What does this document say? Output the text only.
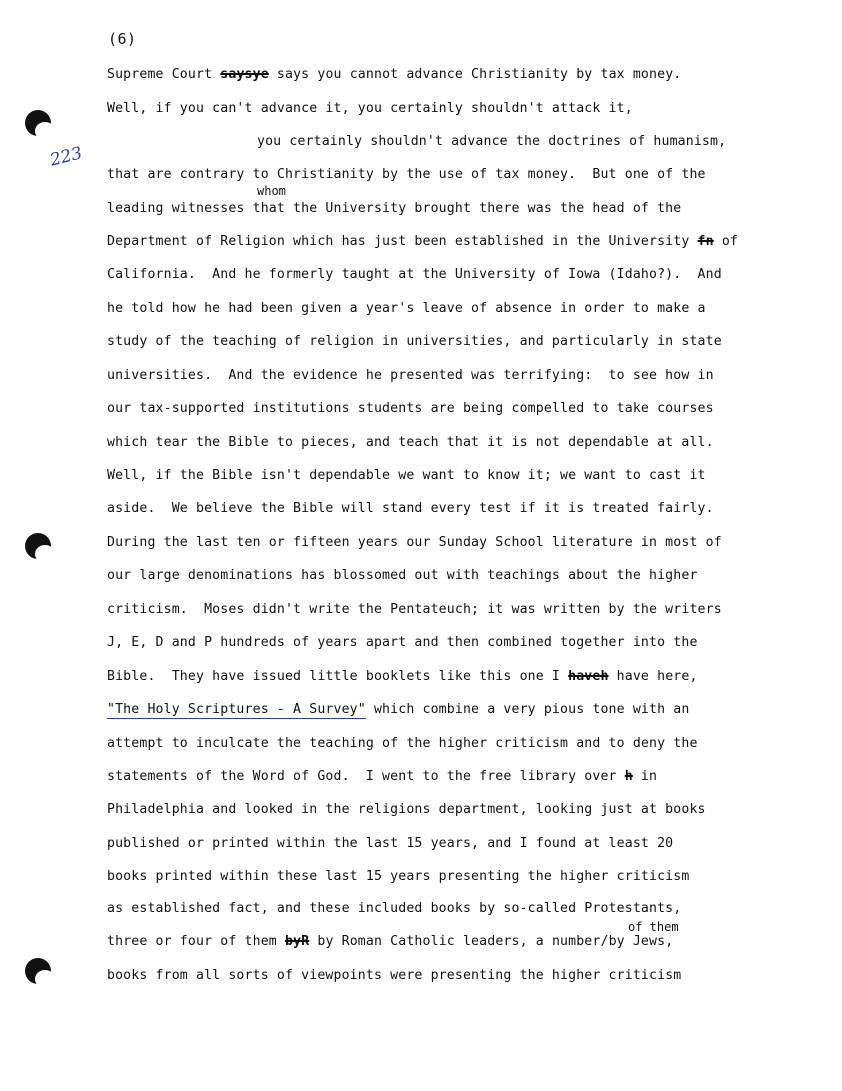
(6)
223
whom
of them
Supreme Court saysye says you cannot advance Christianity by tax money.
Well, if you can't advance it, you certainly shouldn't attack it,
you certainly shouldn't advance the doctrines of humanism,
that are contrary to Christianity by the use of tax money.  But one of the
leading witnesses that the University brought there was the head of the
Department of Religion which has just been established in the University fn of
California.  And he formerly taught at the University of Iowa (Idaho?).  And
he told how he had been given a year's leave of absence in order to make a
study of the teaching of religion in universities, and particularly in state
universities.  And the evidence he presented was terrifying:  to see how in
our tax-supported institutions students are being compelled to take courses
which tear the Bible to pieces, and teach that it is not dependable at all.
Well, if the Bible isn't dependable we want to know it; we want to cast it
aside.  We believe the Bible will stand every test if it is treated fairly.
During the last ten or fifteen years our Sunday School literature in most of
our large denominations has blossomed out with teachings about the higher
criticism.  Moses didn't write the Pentateuch; it was written by the writers
J, E, D and P hundreds of years apart and then combined together into the
Bible.  They have issued little booklets like this one I haveh have here,
"The Holy Scriptures - A Survey" which combine a very pious tone with an
attempt to inculcate the teaching of the higher criticism and to deny the
statements of the Word of God.  I went to the free library over h in
Philadelphia and looked in the religions department, looking just at books
published or printed within the last 15 years, and I found at least 20
books printed within these last 15 years presenting the higher criticism
as established fact, and these included books by so-called Protestants,
three or four of them byR by Roman Catholic leaders, a number/by Jews,
books from all sorts of viewpoints were presenting the higher criticism
